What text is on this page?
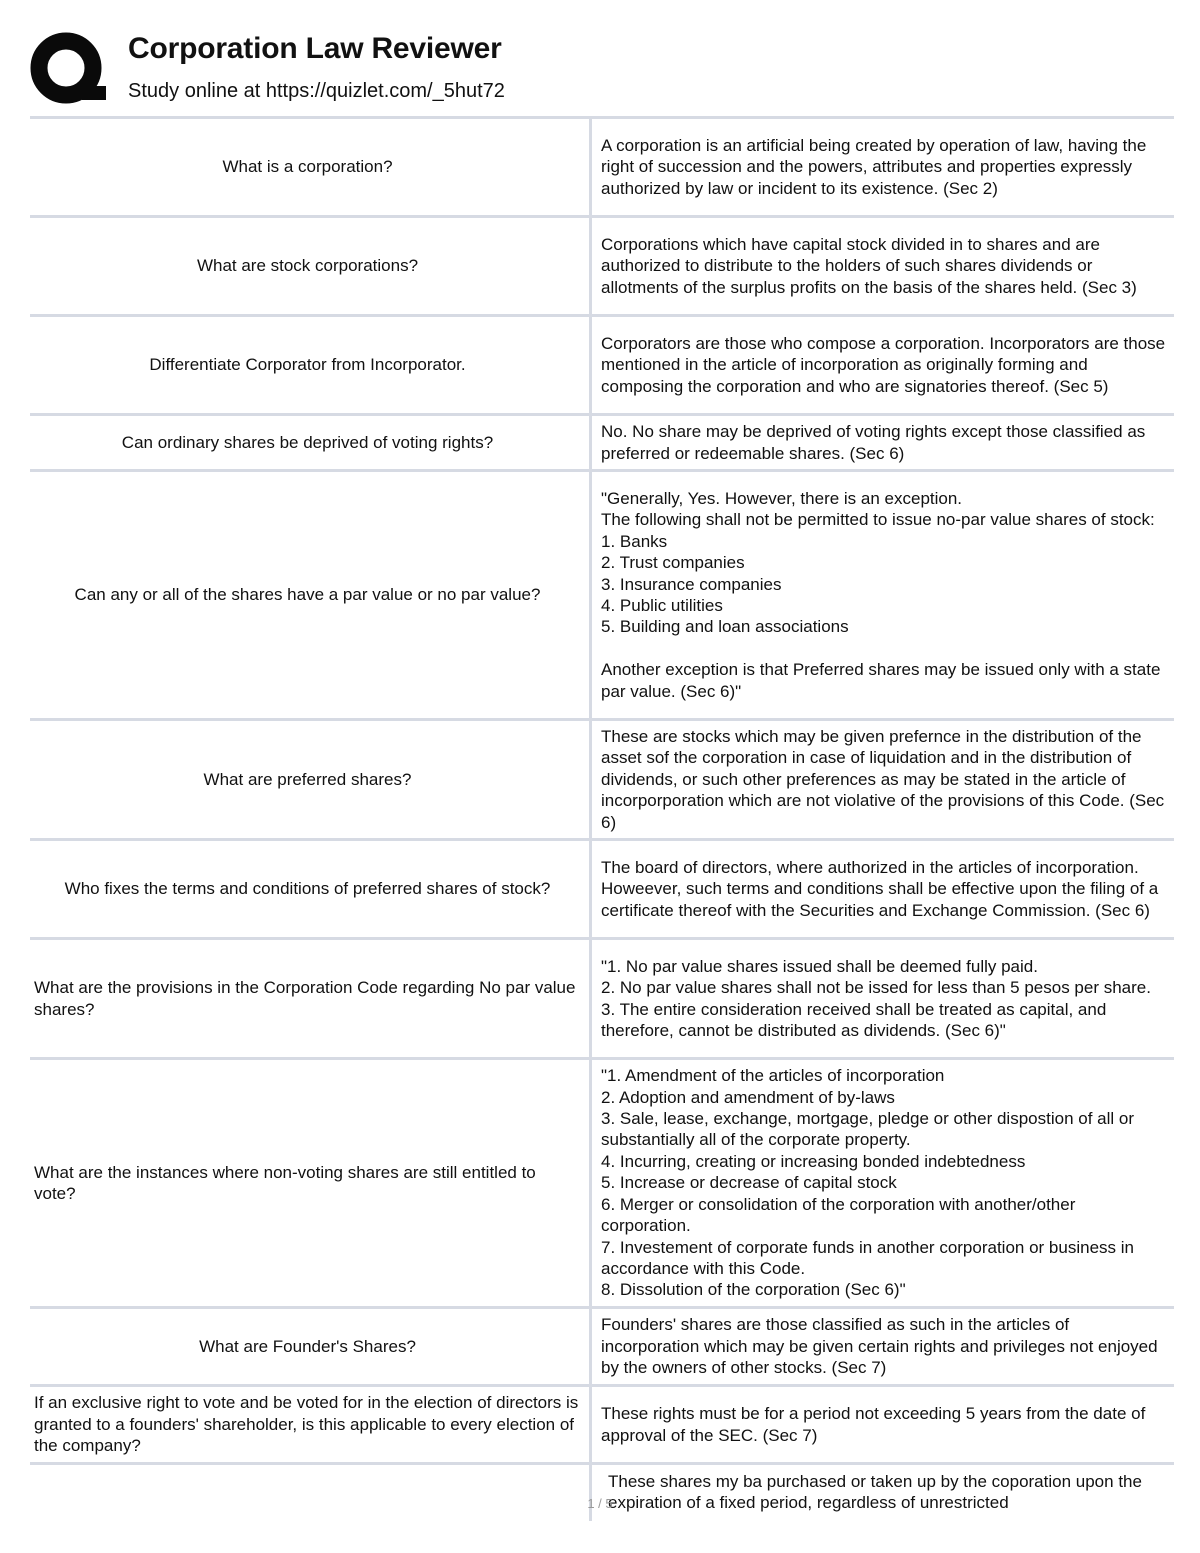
Corporation Law Reviewer
Study online at https://quizlet.com/_5hut72
What is a corporation?
A corporation is an artificial being created by operation of law, having the right of succession and the powers, attributes and properties expressly authorized by law or incident to its existence. (Sec 2)
What are stock corporations?
Corporations which have capital stock divided in to shares and are authorized to distribute to the holders of such shares dividends or allotments of the surplus profits on the basis of the shares held. (Sec 3)
Differentiate Corporator from Incorporator.
Corporators are those who compose a corporation. Incorporators are those mentioned in the article of incorporation as originally forming and composing the corporation and who are signatories thereof. (Sec 5)
Can ordinary shares be deprived of voting rights?
No. No share may be deprived of voting rights except those classified as preferred or redeemable shares. (Sec 6)
Can any or all of the shares have a par value or no par value?
"Generally, Yes. However, there is an exception.
The following shall not be permitted to issue no-par value shares of stock:
1. Banks
2. Trust companies
3. Insurance companies
4. Public utilities
5. Building and loan associations

Another exception is that Preferred shares may be issued only with a state par value. (Sec 6)"
What are preferred shares?
These are stocks which may be given prefernce in the distribution of the asset sof the corporation in case of liquidation and in the distribution of dividends, or such other preferences as may be stated in the article of incorporporation which are not violative of the provisions of this Code. (Sec 6)
Who fixes the terms and conditions of preferred shares of stock?
The board of directors, where authorized in the articles of incorporation. Howeever, such terms and conditions shall be effective upon the filing of a certificate thereof with the Securities and Exchange Commission. (Sec 6)
What are the provisions in the Corporation Code regarding No par value shares?
"1. No par value shares issued shall be deemed fully paid.
2. No par value shares shall not be issed for less than 5 pesos per share.
3. The entire consideration received shall be treated as capital, and therefore, cannot be distributed as dividends. (Sec 6)"
What are the instances where non-voting shares are still entitled to vote?
"1. Amendment of the articles of incorporation
2. Adoption and amendment of by-laws
3. Sale, lease, exchange, mortgage, pledge or other dispostion of all or substantially all of the corporate property.
4. Incurring, creating or increasing bonded indebtedness
5. Increase or decrease of capital stock
6. Merger or consolidation of the corporation with another/other corporation.
7. Investement of corporate funds in another corporation or business in accordance with this Code.
8. Dissolution of the corporation (Sec 6)"
What are Founder's Shares?
Founders' shares are those classified as such in the articles of incorporation which may be given certain rights and privileges not enjoyed by the owners of other stocks. (Sec 7)
If an exclusive right to vote and be voted for in the election of directors is granted to a founders' shareholder, is this applicable to every election of the company?
These rights must be for a period not exceeding 5 years from the date of approval of the SEC. (Sec 7)
These shares my ba purchased or taken up by the coporation upon the expiration of a fixed period, regardless of unrestricted
1 / 5
